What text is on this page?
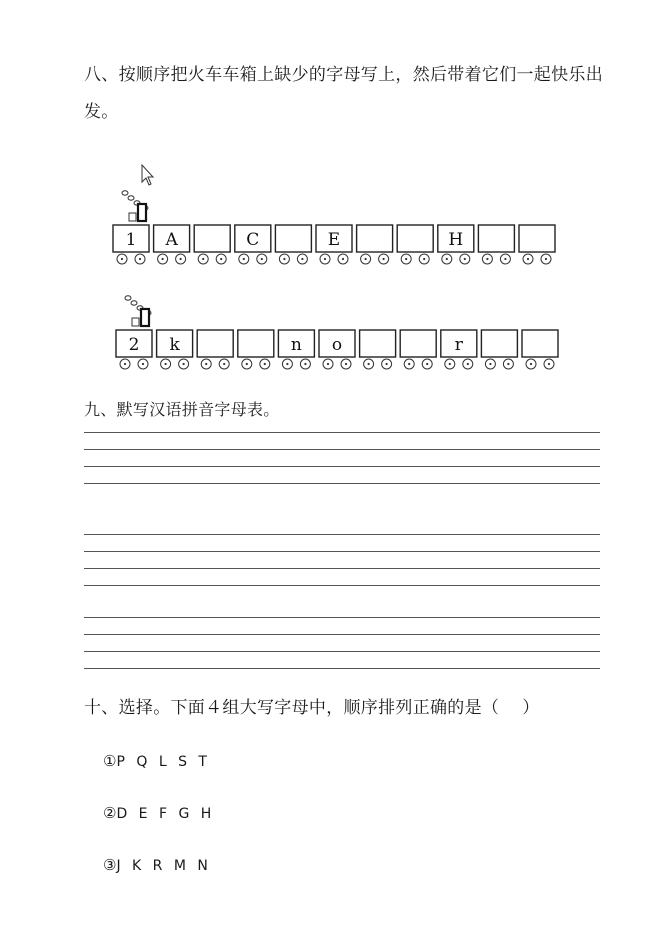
八、按顺序把火车车箱上缺少的字母写上，然后带着它们一起快乐出
发。
1 A	C	E	H
2 k	n o	r
九、默写汉语拼音字母表。
十、选择。下面４组大写字母中，顺序排列正确的是（　 ）
①P Q L S T
②D E F G H
③J K R M N
